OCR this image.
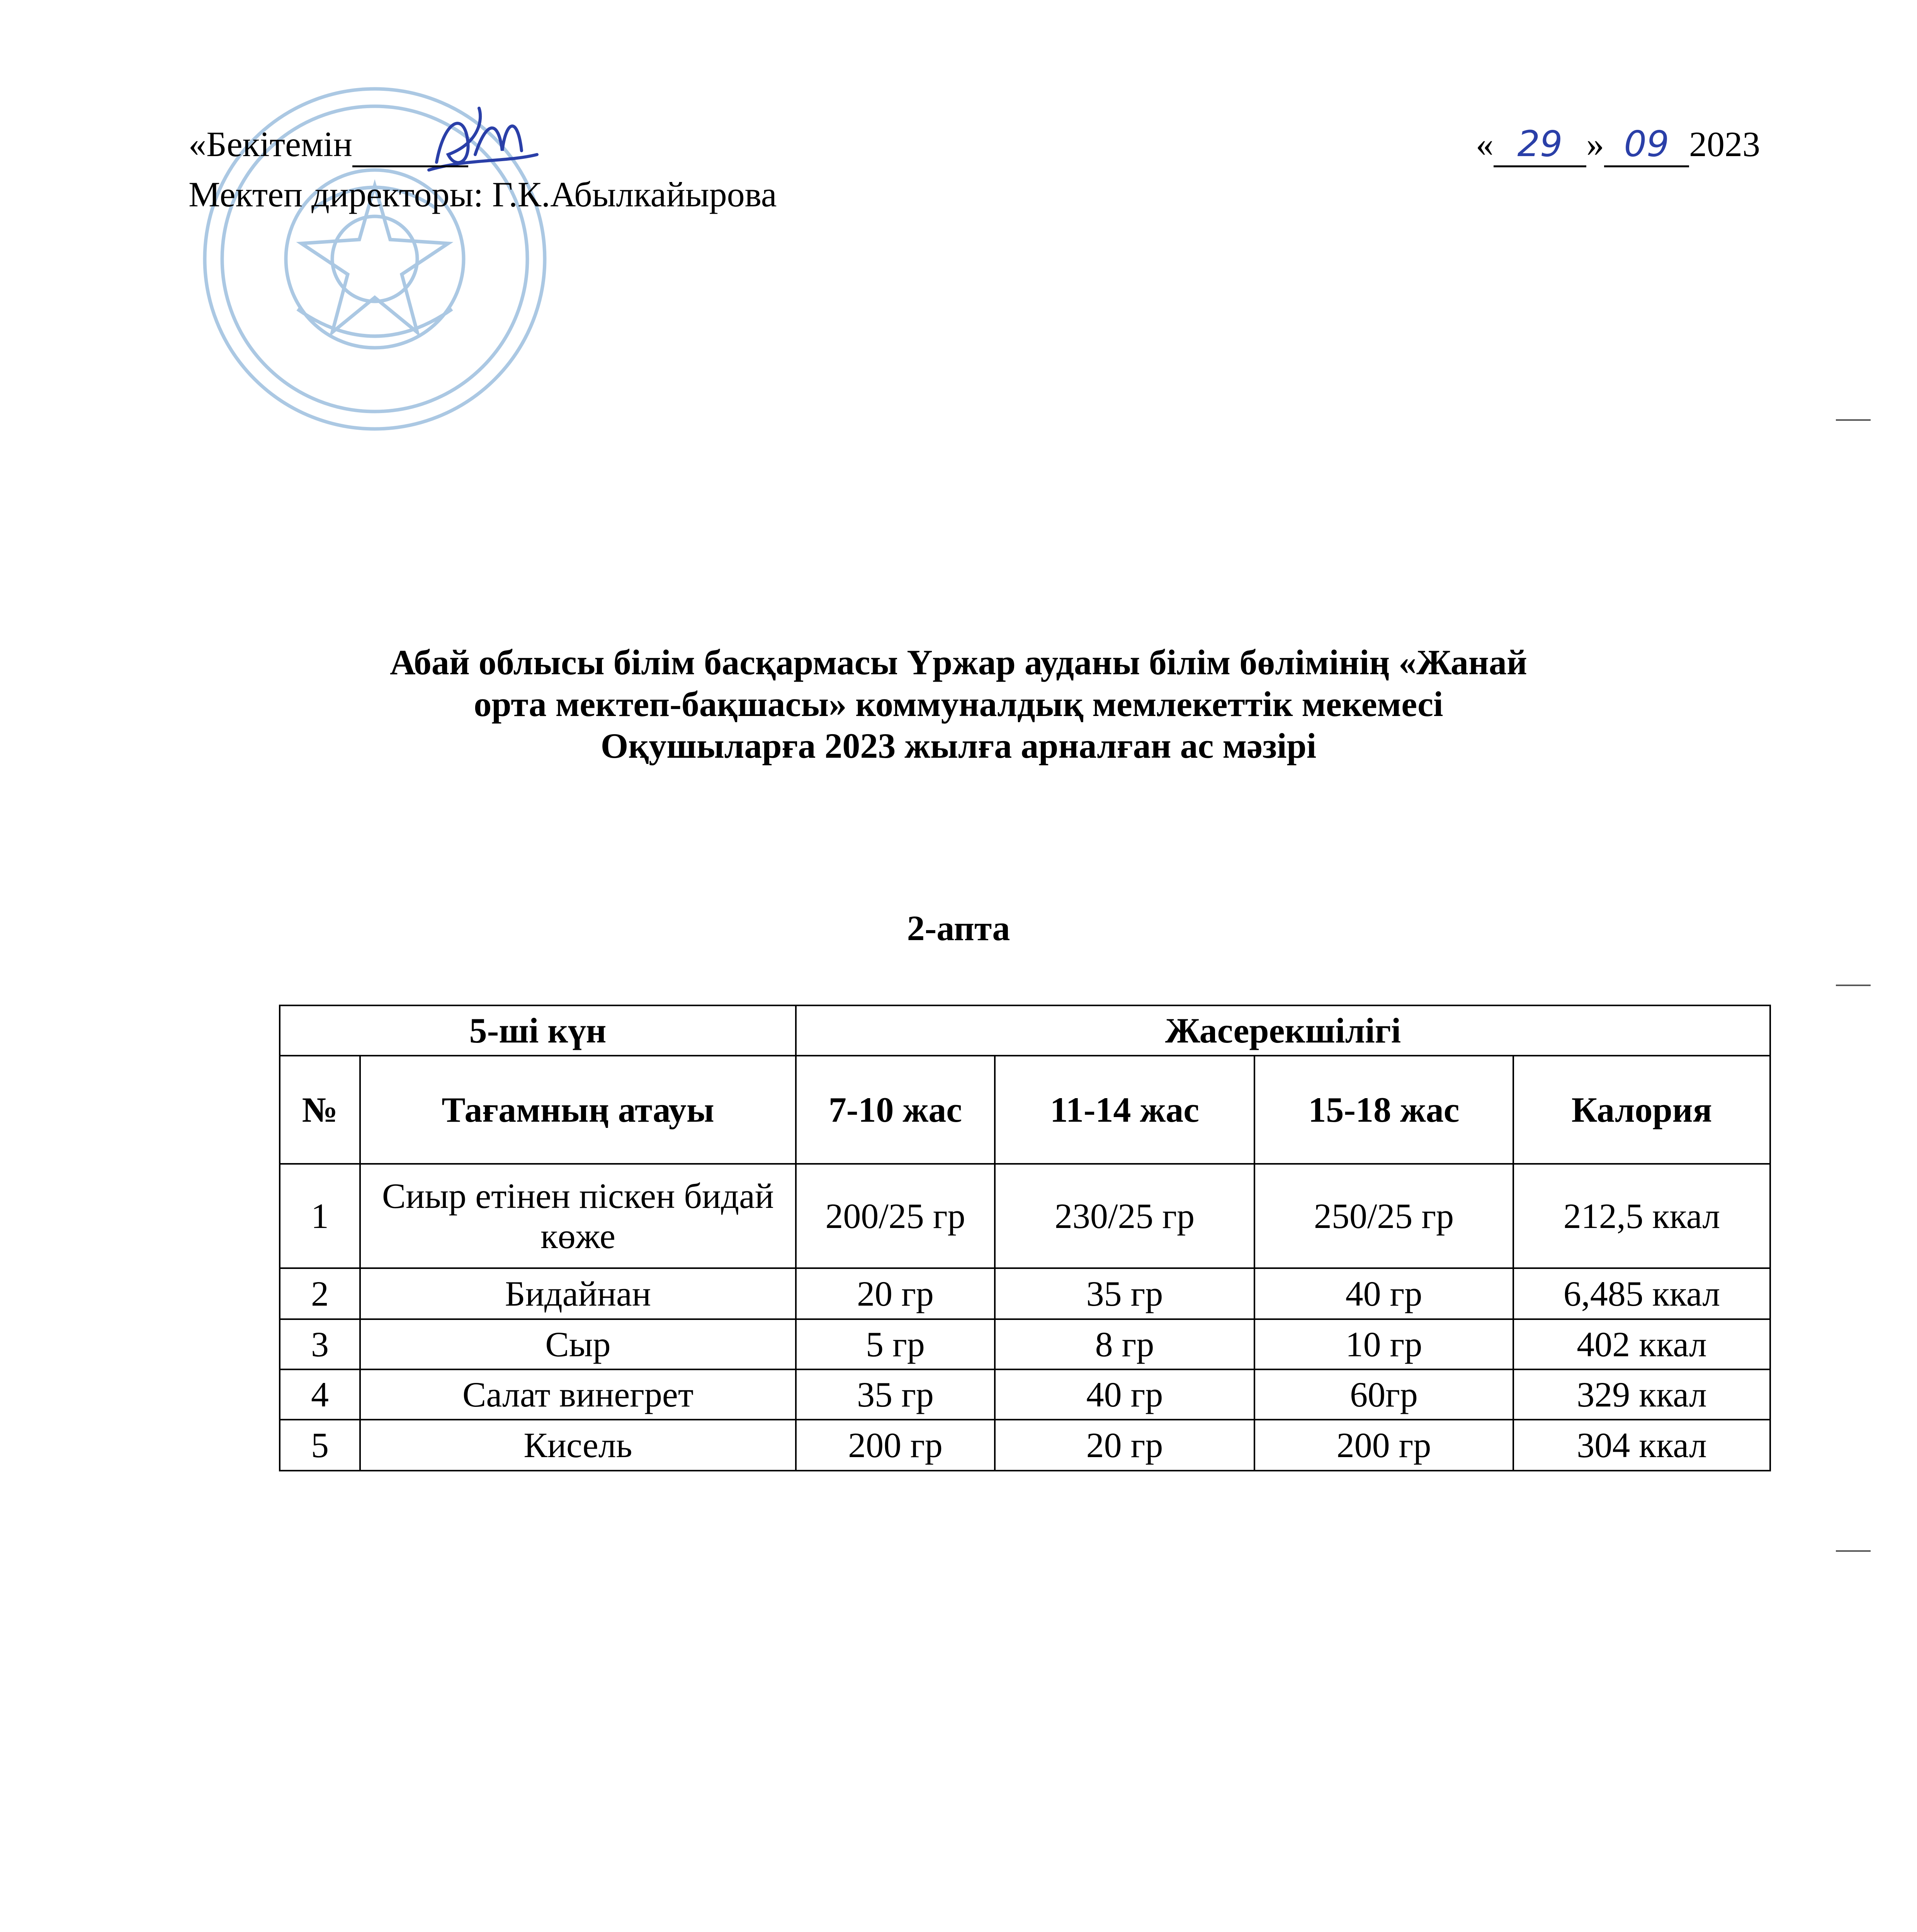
«Бекітемін
Мектеп директоры: Г.К.Абылкайырова
« 29 » 09 2023
Абай облысы білім басқармасы Үржар ауданы білім бөлімінің «Жанай
орта мектеп-бақшасы» коммуналдық мемлекеттік мекемесі
Оқушыларға 2023 жылға арналған ас мәзірі
2-апта
5-ші күн		Жасерекшілігі			
№	Тағамның атауы	7-10 жас	11-14 жас	15-18 жас	Калория
1	Сиыр етінен піскен бидай көже	200/25 гр	230/25 гр	250/25 гр	212,5 ккал
2	Бидайнан	20 гр	35 гр	40 гр	6,485 ккал
3	Сыр	5 гр	8 гр	10 гр	402 ккал
4	Салат винегрет	35 гр	40 гр	60гр	329 ккал
5	Кисель	200 гр	20 гр	200 гр	304 ккал
